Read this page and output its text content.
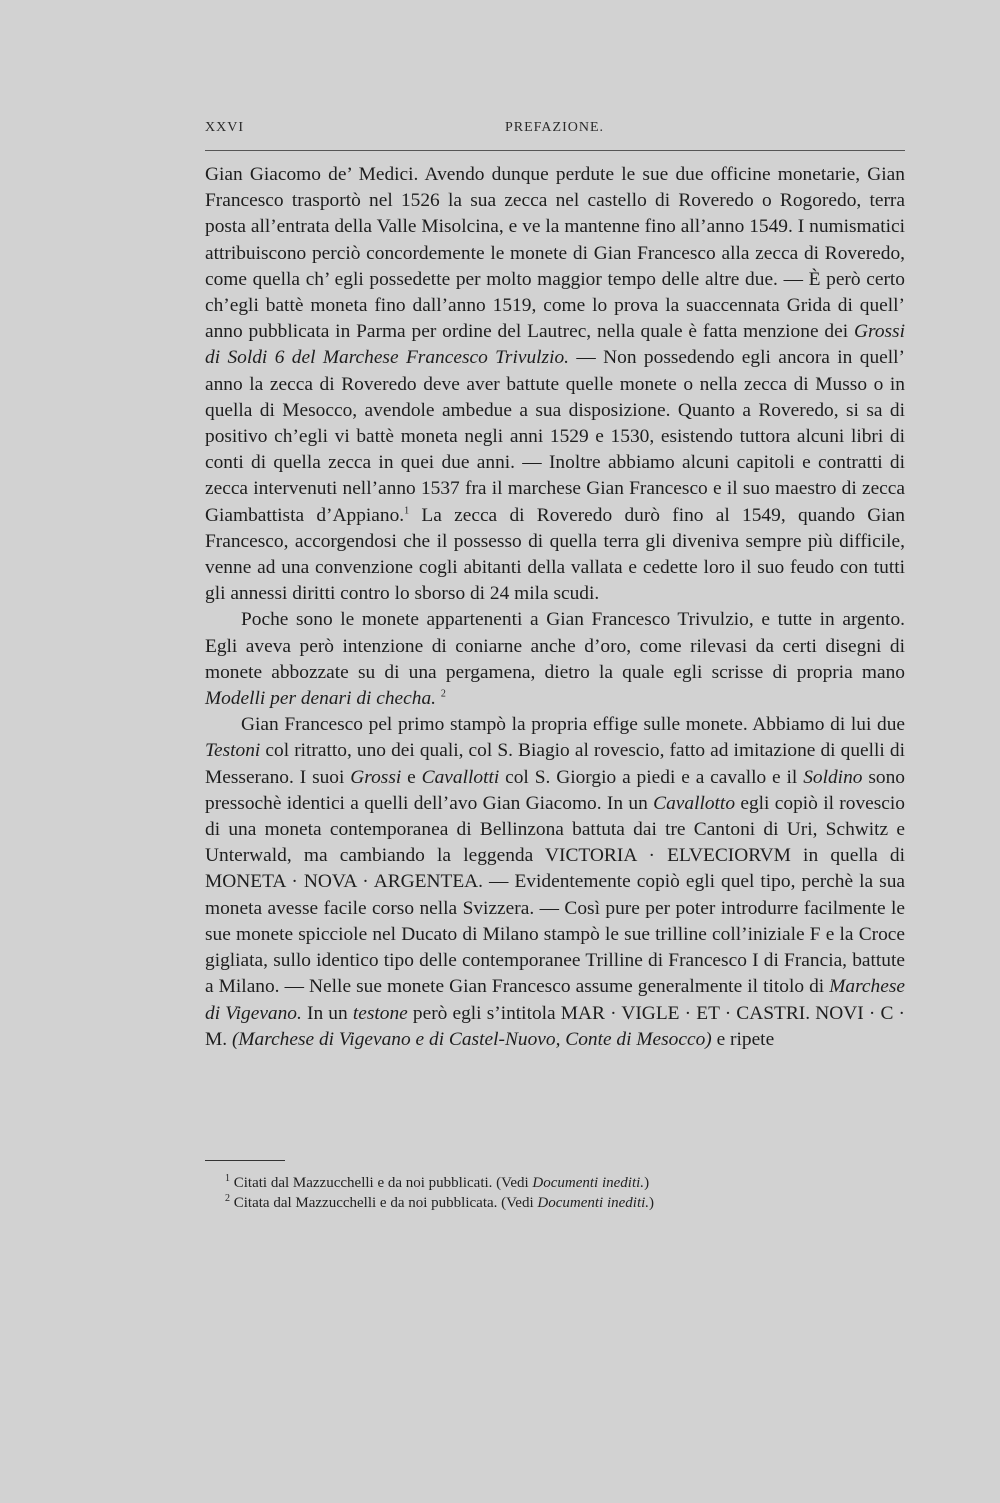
XXVI	PREFAZIONE.

Gian Giacomo de’ Medici. Avendo dunque perdute le sue due officine monetarie, Gian Francesco trasportò nel 1526 la sua zecca nel castello di Roveredo o Rogoredo, terra posta all’entrata della Valle Misolcina, e ve la mantenne fino all’anno 1549. I numismatici attribuiscono perciò concordemente le monete di Gian Francesco alla zecca di Roveredo, come quella ch’ egli possedette per molto maggior tempo delle altre due. — È però certo ch’egli battè moneta fino dall’anno 1519, come lo prova la suaccennata Grida di quell’ anno pubblicata in Parma per ordine del Lautrec, nella quale è fatta menzione dei Grossi di Soldi 6 del Marchese Francesco Trivulzio. — Non possedendo egli ancora in quell’ anno la zecca di Roveredo deve aver battute quelle monete o nella zecca di Musso o in quella di Mesocco, avendole ambedue a sua disposizione. Quanto a Roveredo, si sa di positivo ch’egli vi battè moneta negli anni 1529 e 1530, esistendo tuttora alcuni libri di conti di quella zecca in quei due anni. — Inoltre abbiamo alcuni capitoli e contratti di zecca intervenuti nell’anno 1537 fra il marchese Gian Francesco e il suo maestro di zecca Giambattista d’Appiano.$^1$ La zecca di Roveredo durò fino al 1549, quando Gian Francesco, accorgendosi che il possesso di quella terra gli diveniva sempre più difficile, venne ad una convenzione cogli abitanti della vallata e cedette loro il suo feudo con tutti gli annessi diritti contro lo sborso di 24 mila scudi.

Poche sono le monete appartenenti a Gian Francesco Trivulzio, e tutte in argento. Egli aveva però intenzione di coniarne anche d’oro, come rilevasi da certi disegni di monete abbozzate su di una pergamena, dietro la quale egli scrisse di propria mano Modelli per denari di checha. $^2$

Gian Francesco pel primo stampò la propria effige sulle monete. Abbiamo di lui due Testoni col ritratto, uno dei quali, col S. Biagio al rovescio, fatto ad imitazione di quelli di Messerano. I suoi Grossi e Cavallotti col S. Giorgio a piedi e a cavallo e il Soldino sono pressochè identici a quelli dell’avo Gian Giacomo. In un Cavallotto egli copiò il rovescio di una moneta contemporanea di Bellinzona battuta dai tre Cantoni di Uri, Schwitz e Unterwald, ma cambiando la leggenda VICTORIA · ELVECIORVM in quella di MONETA · NOVA · ARGENTEA. — Evidentemente copiò egli quel tipo, perchè la sua moneta avesse facile corso nella Svizzera. — Così pure per poter introdurre facilmente le sue monete spicciole nel Ducato di Milano stampò le sue trilline coll’iniziale F e la Croce gigliata, sullo identico tipo delle contemporanee Trilline di Francesco I di Francia, battute a Milano. — Nelle sue monete Gian Francesco assume generalmente il titolo di Marchese di Vigevano. In un testone però egli s’intitola MAR · VIGLE · ET · CASTRI. NOVI · C · M. (Marchese di Vigevano e di Castel-Nuovo, Conte di Mesocco) e ripete

$^1$ Citati dal Mazzucchelli e da noi pubblicati. (Vedi Documenti inediti.)

$^2$ Citata dal Mazzucchelli e da noi pubblicata. (Vedi Documenti inediti.)
